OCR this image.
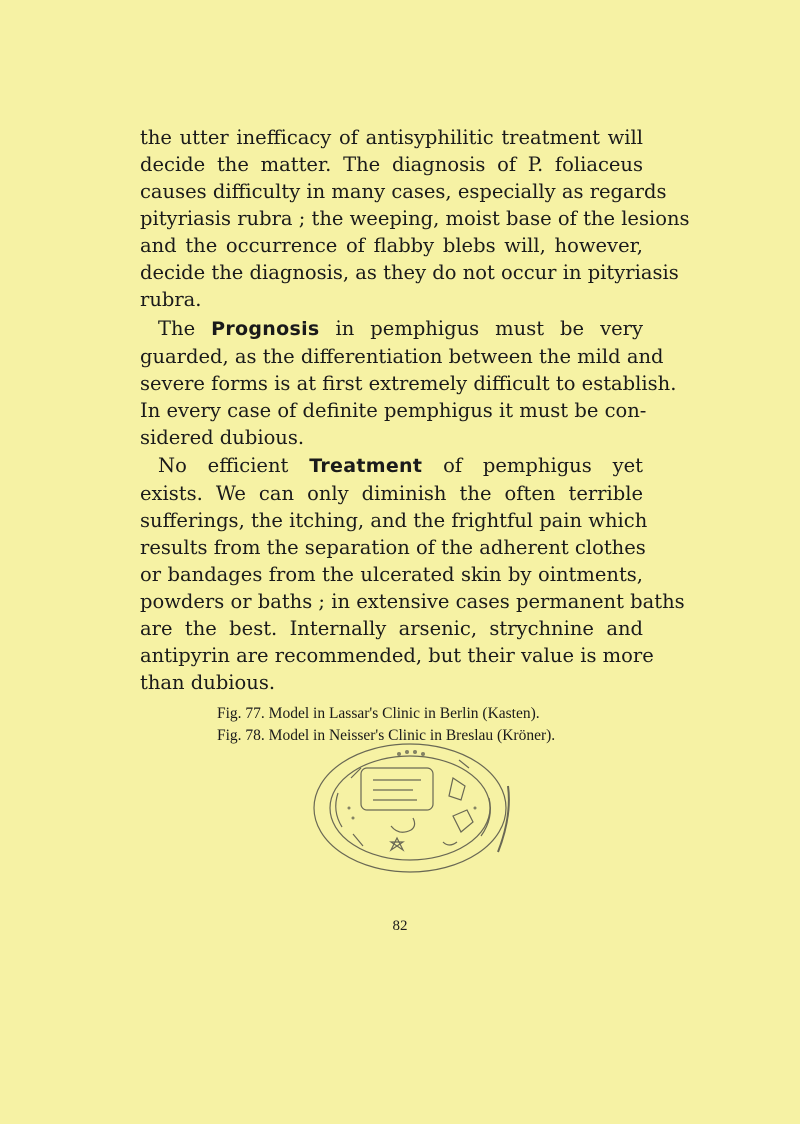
the utter inefficacy of antisyphilitic treatment will
decide the matter. The diagnosis of P. foliaceus
causes difficulty in many cases, especially as regards
pityriasis rubra ; the weeping, moist base of the lesions
and the occurrence of flabby blebs will, however,
decide the diagnosis, as they do not occur in pityriasis
rubra.

The Prognosis in pemphigus must be very
guarded, as the differentiation between the mild and
severe forms is at first extremely difficult to establish.
In every case of definite pemphigus it must be con-
sidered dubious.

No efficient Treatment of pemphigus yet
exists. We can only diminish the often terrible
sufferings, the itching, and the frightful pain which
results from the separation of the adherent clothes
or bandages from the ulcerated skin by ointments,
powders or baths ; in extensive cases permanent baths
are the best. Internally arsenic, strychnine and
antipyrin are recommended, but their value is more
than dubious.

Fig. 77. Model in Lassar's Clinic in Berlin (Kasten).
Fig. 78. Model in Neisser's Clinic in Breslau (Kröner).
82
